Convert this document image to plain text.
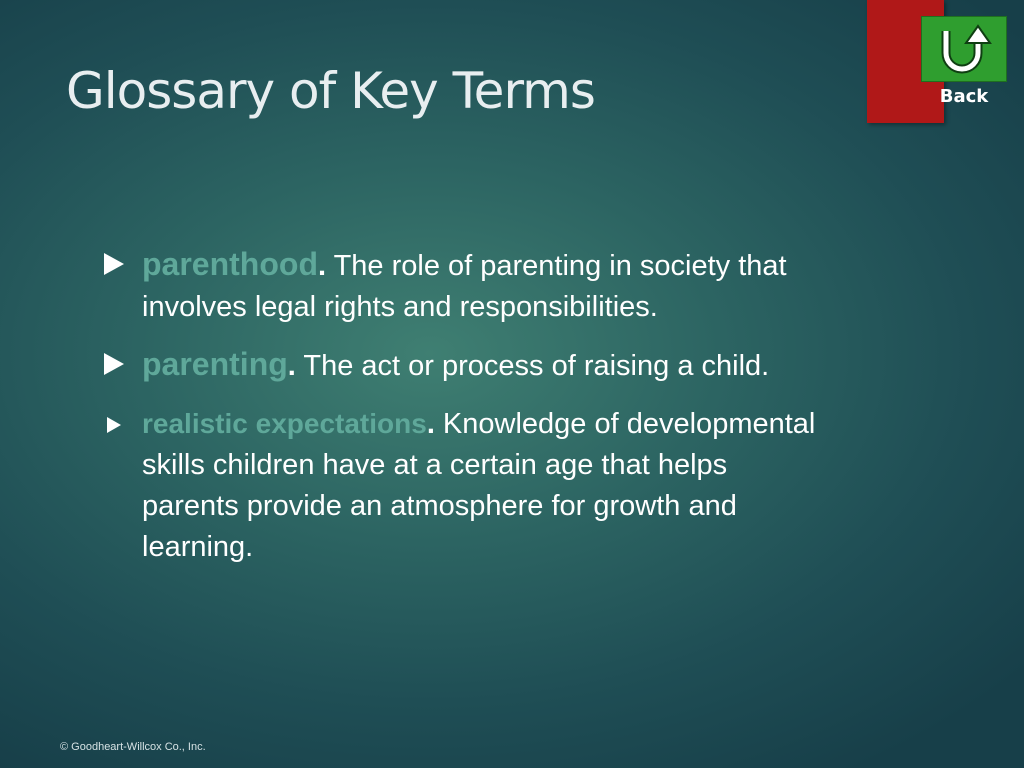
Glossary of Key Terms	Back
parenthood. The role of parenting in society that involves legal rights and responsibilities.
parenting. The act or process of raising a child.
realistic expectations. Knowledge of developmental skills children have at a certain age that helps parents provide an atmosphere for growth and learning.
© Goodheart-Willcox Co., Inc.
